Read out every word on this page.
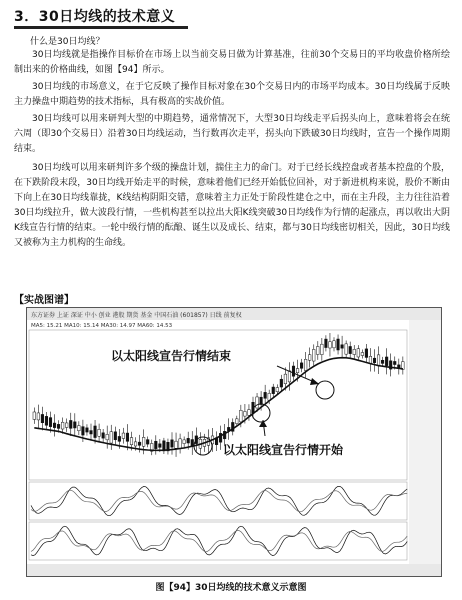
3．30日均线的技术意义
什么是30日均线？
30日均线就是指操作目标价在市场上以当前交易日做为计算基准，往前30个交易日的平均收盘价格所绘制出来的价格曲线，如图【94】所示。
30日均线的市场意义，在于它反映了操作目标对象在30个交易日内的市场平均成本。30日均线属于反映主力操盘中期趋势的技术指标，具有极高的实战价值。
30日均线可以用来研判大型的中期趋势，通常情况下，大型30日均线走平后拐头向上，意味着将会在统六周（即30个交易日）沿着30日均线运动，当行数再次走平，拐头向下跌破30日均线时，宣告一个操作周期结束。
30日均线可以用来研判许多个级的操盘计划，揣住主力的命门。对于已经长线控盘或者基本控盘的个股，在下跌阶段末段，30日均线开始走平的时候，意味着他们已经开始低位回补，对于新进机构来说，股价不断由下向上在30日均线靠拢，K线结构阴阳交错，意味着主力正处于阶段性建仓之中，而在主升段，主力往往沿着30日均线拉升，做大波段行情，一些机构甚至以拉出大阳K线突破30日均线作为行情的起涨点，再以收出大阴K线宣告行情的结束。一轮中级行情的酝酿、诞生以及成长、结束，都与30日均线密切相关，因此，30日均线又被称为主力机构的生命线。
【实战图谱】
东方证券 上证 深证 中小 创业 港股 期货 基金 中国石油 (601857) 日线 前复权
MA5: 15.21 MA10: 15.14 MA30: 14.97 MA60: 14.53
以太阳线宣告行情结束
以太阳线宣告行情开始
图【94】30日均线的技术意义示意图
